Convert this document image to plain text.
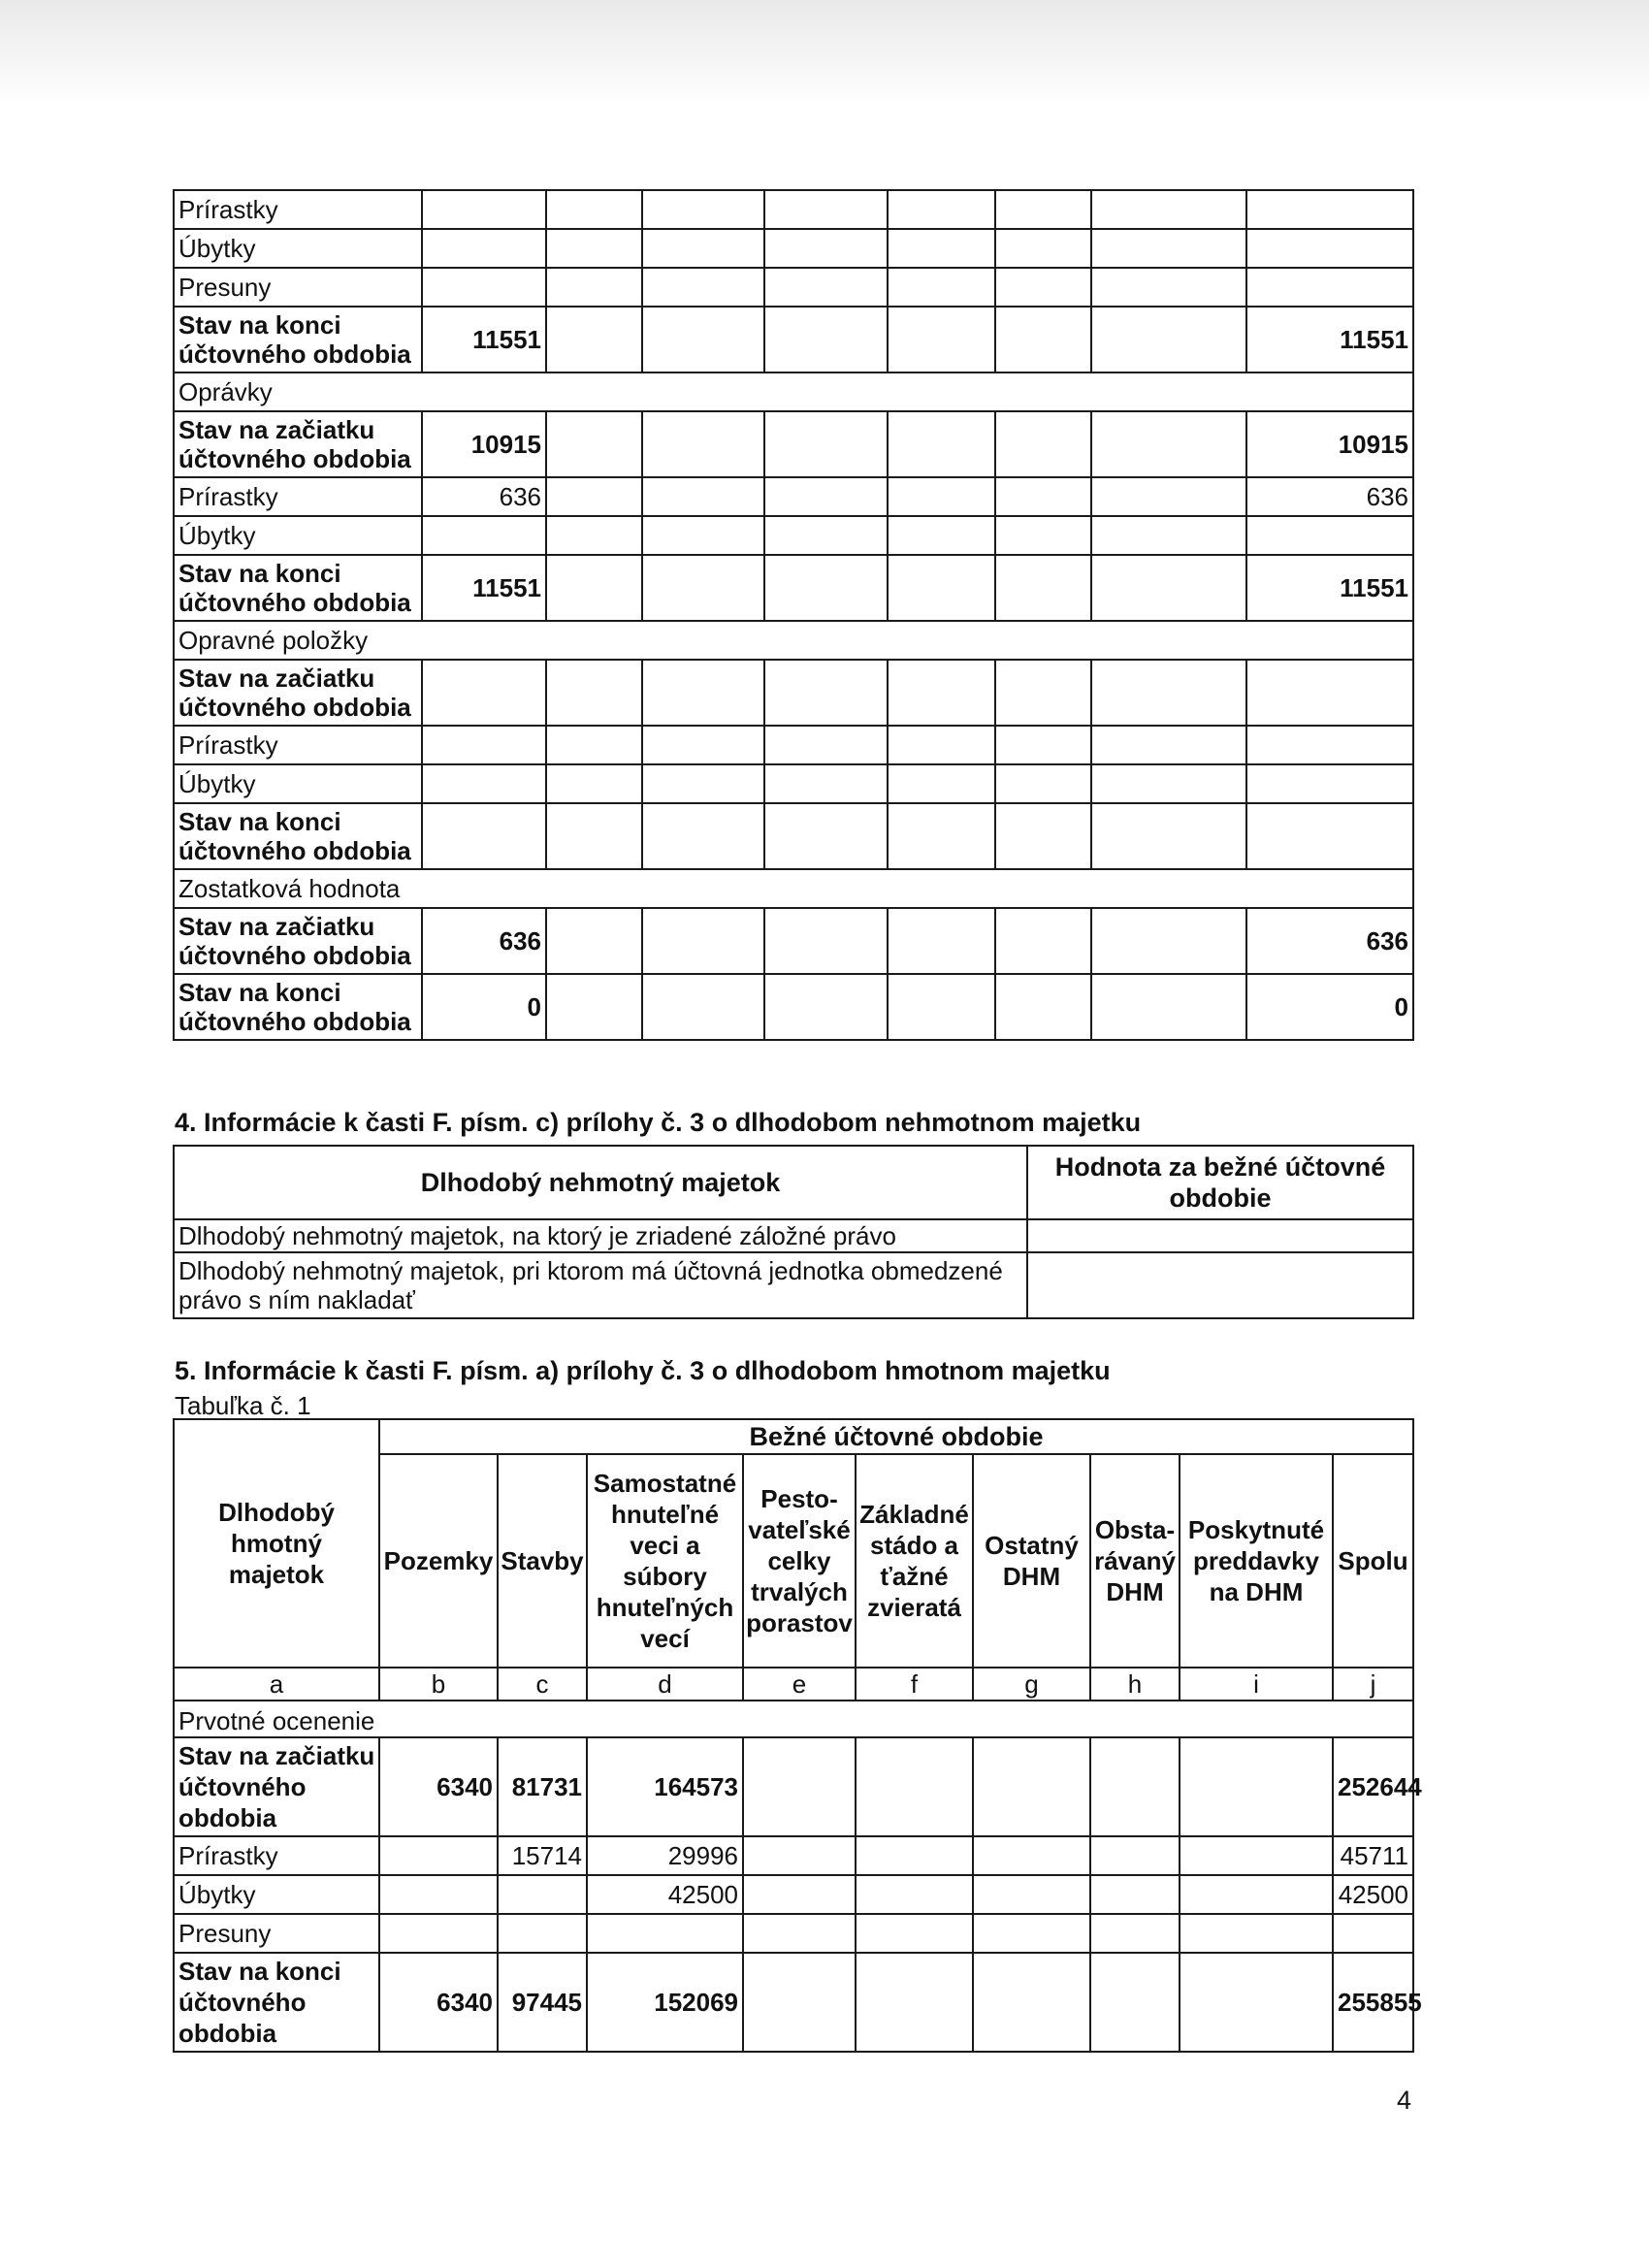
Prírastky								
Úbytky								
Presuny								
Stav na konci
účtovného obdobia	11551							11551
Oprávky								
Stav na začiatku
účtovného obdobia	10915							10915
Prírastky	636							636
Úbytky								
Stav na konci
účtovného obdobia	11551							11551
Opravné položky								
Stav na začiatku
účtovného obdobia								
Prírastky								
Úbytky								
Stav na konci
účtovného obdobia								
Zostatková hodnota								
Stav na začiatku
účtovného obdobia	636							636
Stav na konci
účtovného obdobia	0							0
4. Informácie k časti F. písm. c) prílohy č. 3 o dlhodobom nehmotnom majetku
Dlhodobý nehmotný majetok	Hodnota za bežné účtovné obdobie
Dlhodobý nehmotný majetok, na ktorý je zriadené záložné právo	
Dlhodobý nehmotný majetok, pri ktorom má účtovná jednotka obmedzené právo s ním nakladať	
5. Informácie k časti F. písm. a) prílohy č. 3 o dlhodobom hmotnom majetku

Tabuľka č. 1

Dlhodobý hmotný majetok	Bežné účtovné obdobie								
	Pozemky	Stavby	Samostatné hnuteľné veci a súbory hnuteľných vecí	Pesto-vateľské celky trvalých porastov	Základné stádo a ťažné zvieratá	Ostatný DHM	Obsta-rávaný DHM	Poskytnuté preddavky na DHM	Spolu
a	b	c	d	e	f	g	h	i	j
Prvotné ocenenie									
Stav na začiatku
účtovného
obdobia	6340	81731	164573						252644
Prírastky		15714	29996						45711
Úbytky			42500						42500
Presuny									
Stav na konci
účtovného
obdobia	6340	97445	152069						255855
4
